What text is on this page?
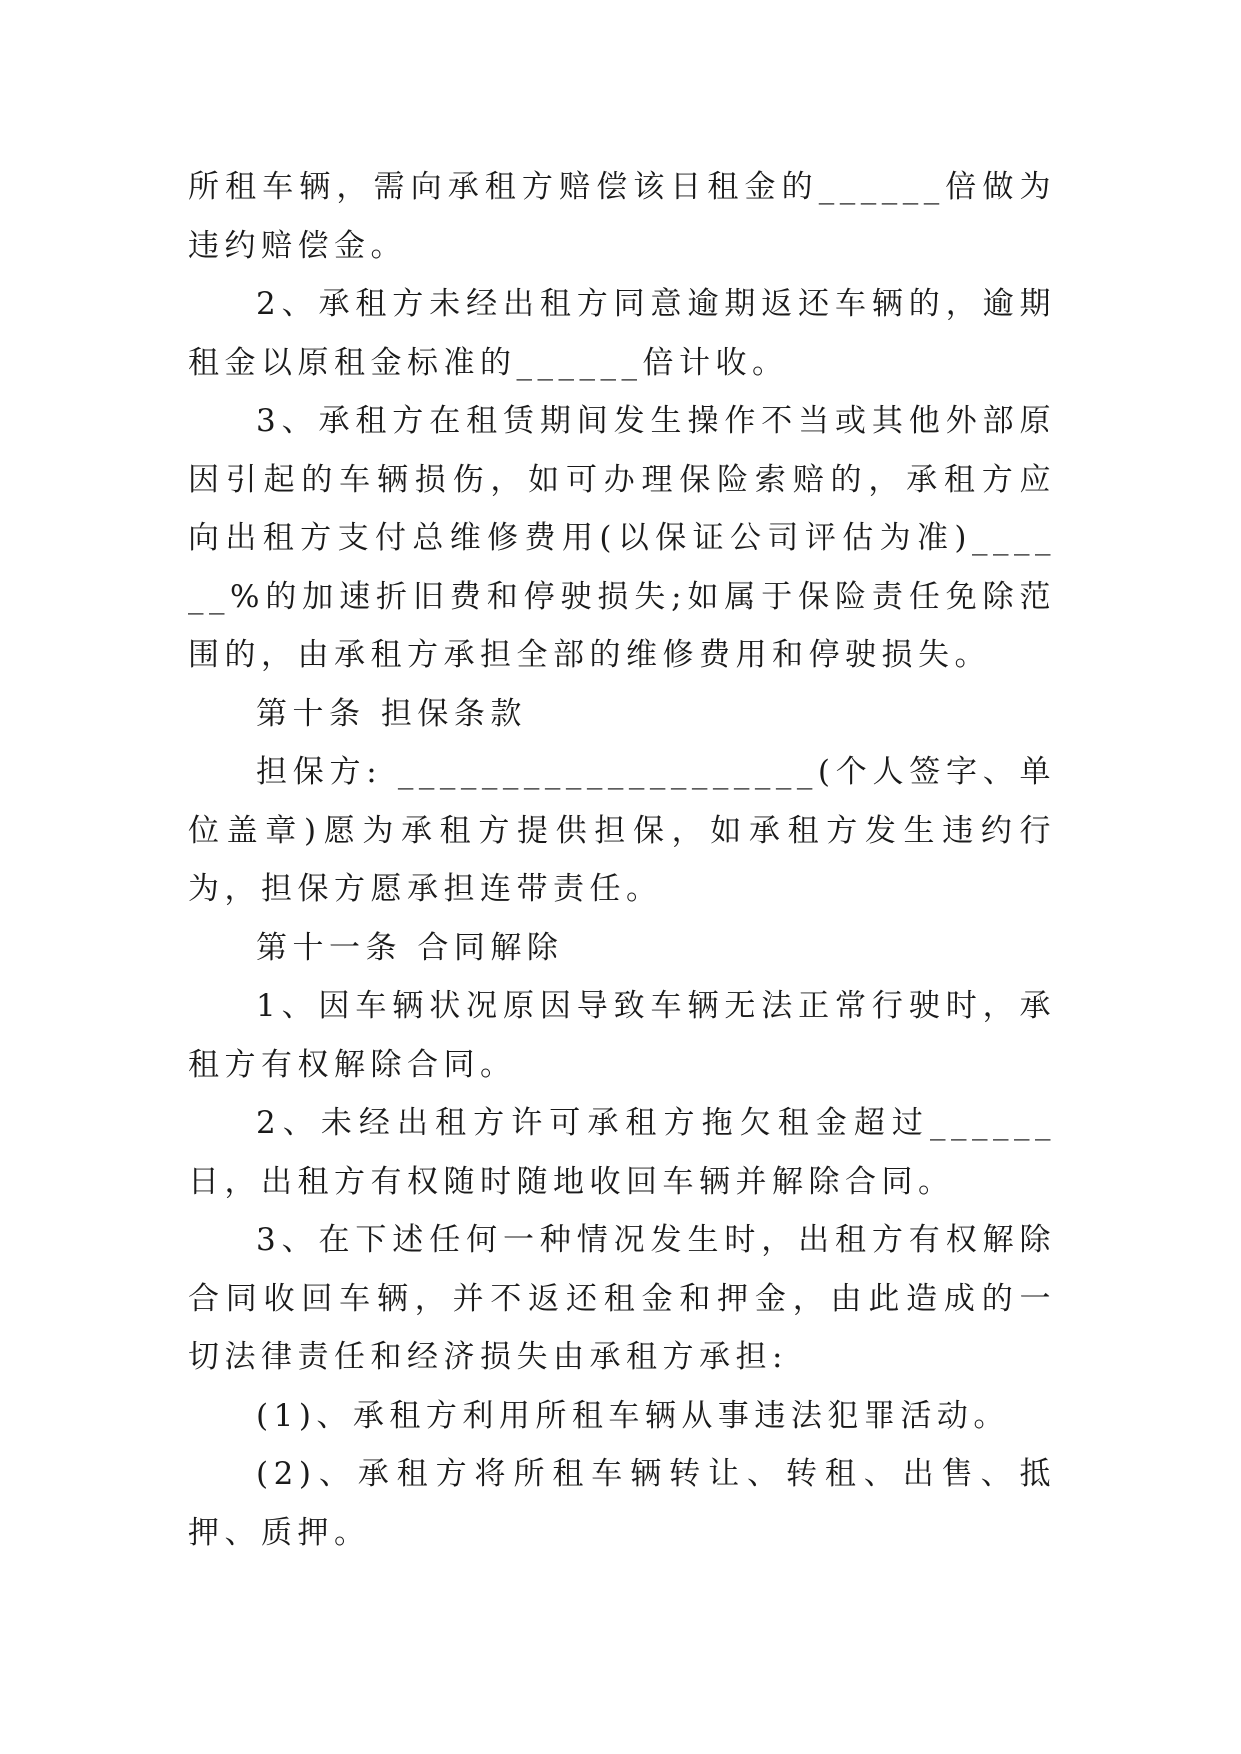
所租车辆，需向承租方赔偿该日租金的______倍做为违约赔偿金。

2、承租方未经出租方同意逾期返还车辆的，逾期租金以原租金标准的______倍计收。

3、承租方在租赁期间发生操作不当或其他外部原因引起的车辆损伤，如可办理保险索赔的，承租方应向出租方支付总维修费用(以保证公司评估为准)______%的加速折旧费和停驶损失;如属于保险责任免除范围的，由承租方承担全部的维修费用和停驶损失。

第十条 担保条款

担保方: ____________________(个人签字、单位盖章)愿为承租方提供担保，如承租方发生违约行为，担保方愿承担连带责任。

第十一条 合同解除

1、因车辆状况原因导致车辆无法正常行驶时，承租方有权解除合同。

2、未经出租方许可承租方拖欠租金超过______日，出租方有权随时随地收回车辆并解除合同。

3、在下述任何一种情况发生时，出租方有权解除合同收回车辆，并不返还租金和押金，由此造成的一切法律责任和经济损失由承租方承担:

(1)、承租方利用所租车辆从事违法犯罪活动。

(2)、承租方将所租车辆转让、转租、出售、抵押、质押。
